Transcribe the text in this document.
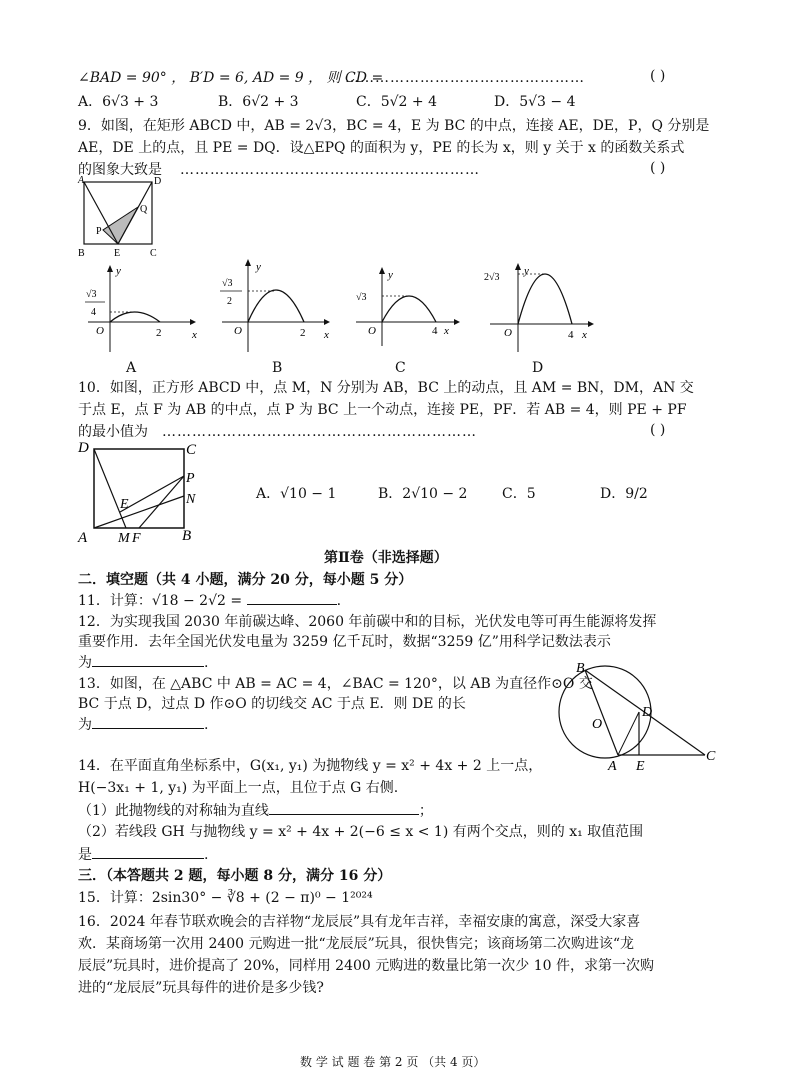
∠BAD = 90° ， B′D = 6, AD = 9 ， 则 CD =
…………………………………………	( )
A．6√3 + 3	B．6√2 + 3	C．5√2 + 4	D．5√3 − 4
9．如图，在矩形 ABCD 中，AB = 2√3，BC = 4，E 为 BC 的中点，连接 AE，DE，P，Q 分别是
AE，DE 上的点，且 PE = DQ．设△EPQ 的面积为 y，PE 的长为 x，则 y 关于 x 的函数关系式
的图象大致是 ……………………………………………………	( )
A	D
B	E	C
P
Q
y
x
O
√3
4
2
A
y
x
O
√3
2
2
B
y
x
O
√3
4
C
y
x
O
2√3
4
D
10．如图，正方形 ABCD 中，点 M，N 分别为 AB，BC 上的动点，且 AM = BN，DM，AN 交
于点 E，点 F 为 AB 的中点，点 P 为 BC 上一个动点，连接 PE，PF．若 AB = 4，则 PE + PF
的最小值为 ………………………………………………………	( )
D	C
P
N
E
A M F	B
A．√10 − 1	B．2√10 − 2 C．5	D．9/2
第Ⅱ卷（非选择题）
二．填空题（共 4 小题，满分 20 分，每小题 5 分）
11．计算：√18 − 2√2 =	.
12．为实现我国 2030 年前碳达峰、2060 年前碳中和的目标，光伏发电等可再生能源将发挥
重要作用．去年全国光伏发电量为 3259 亿千瓦时，数据“3259 亿”用科学记数法表示
为	.
13．如图，在 △ABC 中 AB = AC = 4，∠BAC = 120°，以 AB 为直径作⊙O 交
BC 于点 D，过点 D 作⊙O 的切线交 AC 于点 E．则 DE 的长
为	.
B
O
D
A E
C
14．在平面直角坐标系中，G(x₁, y₁) 为抛物线 y = x² + 4x + 2 上一点，
H(−3x₁ + 1, y₁) 为平面上一点，且位于点 G 右侧.
（1）此抛物线的对称轴为直线	；
（2）若线段 GH 与抛物线 y = x² + 4x + 2(−6 ≤ x < 1) 有两个交点，则的 x₁ 取值范围
是	.
三．（本答题共 2 题，每小题 8 分，满分 16 分）
15．计算：2sin30° − ∛8 + (2 − π)⁰ − 1²⁰²⁴
16．2024 年春节联欢晚会的吉祥物“龙辰辰”具有龙年吉祥，幸福安康的寓意，深受大家喜
欢．某商场第一次用 2400 元购进一批“龙辰辰”玩具，很快售完；该商场第二次购进该“龙
辰辰”玩具时，进价提高了 20%，同样用 2400 元购进的数量比第一次少 10 件，求第一次购
进的“龙辰辰”玩具每件的进价是多少钱?
数 学 试 题 卷 第 2 页 （共 4 页）
